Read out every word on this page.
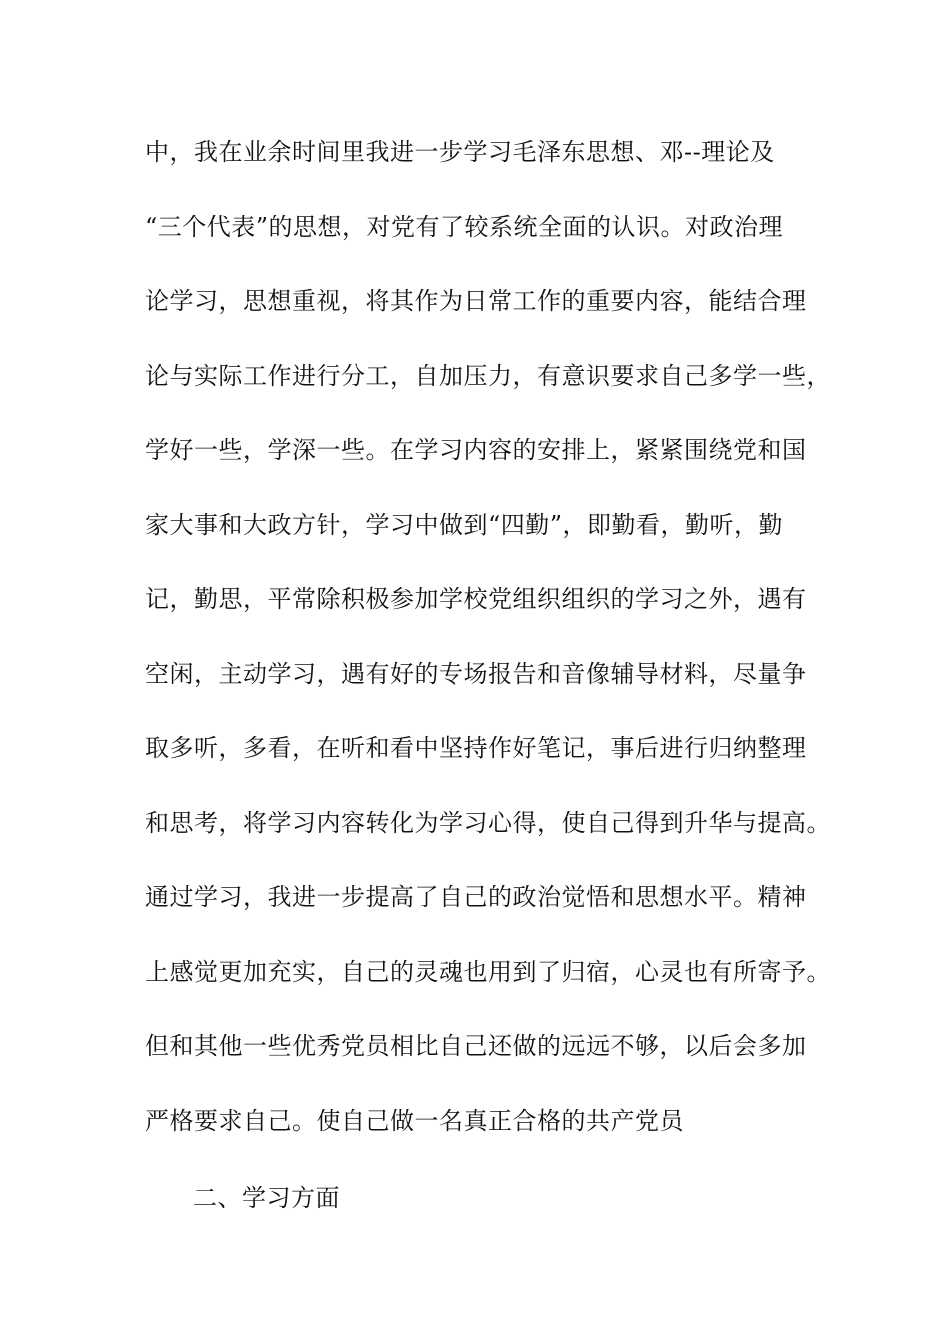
中，我在业余时间里我进一步学习毛泽东思想、邓--理论及
“三个代表”的思想，对党有了较系统全面的认识。对政治理
论学习，思想重视，将其作为日常工作的重要内容，能结合理
论与实际工作进行分工，自加压力，有意识要求自己多学一些，
学好一些，学深一些。在学习内容的安排上，紧紧围绕党和国
家大事和大政方针，学习中做到“四勤”，即勤看，勤听，勤
记，勤思，平常除积极参加学校党组织组织的学习之外，遇有
空闲，主动学习，遇有好的专场报告和音像辅导材料，尽量争
取多听，多看，在听和看中坚持作好笔记，事后进行归纳整理
和思考，将学习内容转化为学习心得，使自己得到升华与提高。
通过学习，我进一步提高了自己的政治觉悟和思想水平。精神
上感觉更加充实，自己的灵魂也用到了归宿，心灵也有所寄予。
但和其他一些优秀党员相比自己还做的远远不够，以后会多加
严格要求自己。使自己做一名真正合格的共产党员
二、学习方面
